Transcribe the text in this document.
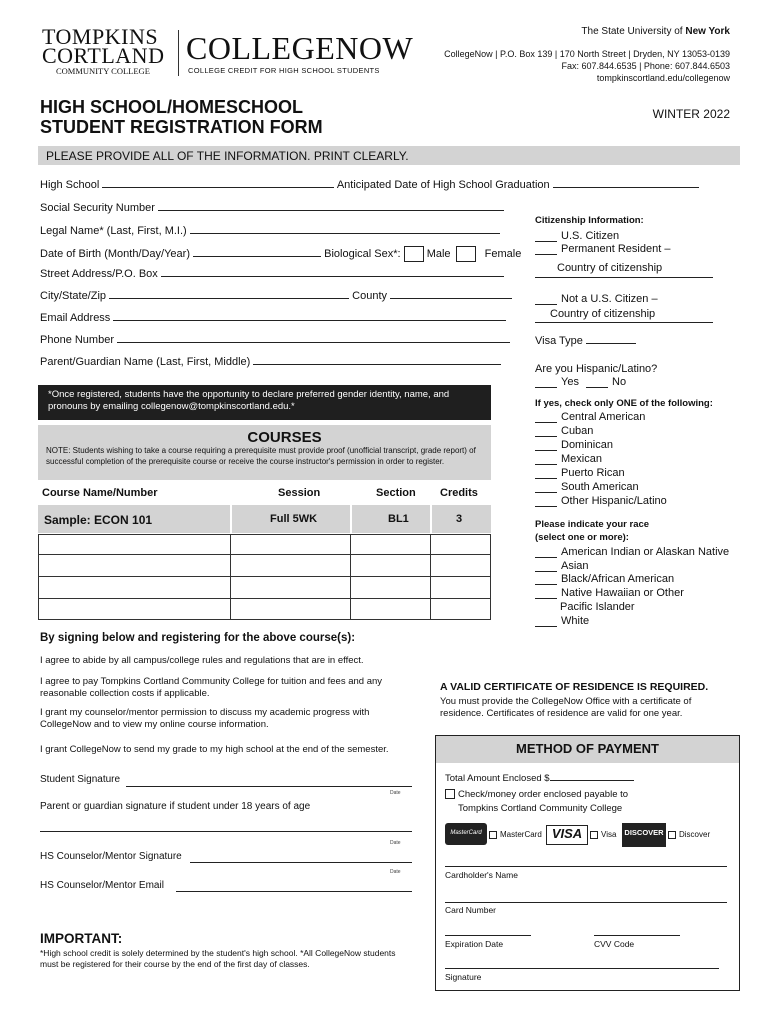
TOMPKINS
CORTLAND
COMMUNITY COLLEGE
COLLEGENOW
COLLEGE CREDIT FOR HIGH SCHOOL STUDENTS
The State University of New York
CollegeNow | P.O. Box 139 | 170 North Street | Dryden, NY 13053-0139
Fax: 607.844.6535 | Phone: 607.844.6503
tompkinscortland.edu/collegenow
HIGH SCHOOL/HOMESCHOOL
STUDENT REGISTRATION FORM
WINTER 2022
PLEASE PROVIDE ALL OF THE INFORMATION. PRINT CLEARLY.
High School	Anticipated Date of High School Graduation
Social Security Number
Legal Name* (Last, First, M.I.)
Date of Birth (Month/Day/Year)	Biological Sex*: Male	Female
Street Address/P.O. Box
City/State/Zip	County
Email Address
Phone Number
Parent/Guardian Name (Last, First, Middle)
*Once registered, students have the opportunity to declare preferred gender identity, name, and pronouns by emailing collegenow@tompkinscortland.edu.*
COURSES
NOTE: Students wishing to take a course requiring a prerequisite must provide proof (unofficial transcript, grade report) of successful completion of the prerequisite course or receive the course instructor's permission in order to register.
Course Name/Number	Session	Section Credits
Sample: ECON 101	Full 5WK	BL1	3
Citizenship Information:
U.S. Citizen
Permanent Resident –
Country of citizenship
Not a U.S. Citizen –
Country of citizenship
Visa Type
Are you Hispanic/Latino?
Yes	No
If yes, check only ONE of the following:
Central American
Cuban
Dominican
Mexican
Puerto Rican
South American
Other Hispanic/Latino
Please indicate your race
(select one or more):
American Indian or Alaskan Native
Asian
Black/African American
Native Hawaiian or Other
Pacific Islander
White
By signing below and registering for the above course(s):
I agree to abide by all campus/college rules and regulations that are in effect.
I agree to pay Tompkins Cortland Community College for tuition and fees and any reasonable collection costs if applicable.
I grant my counselor/mentor permission to discuss my academic progress with CollegeNow and to view my online course information.
I grant CollegeNow to send my grade to my high school at the end of the semester.
Student Signature
Date
Parent or guardian signature if student under 18 years of age
Date
HS Counselor/Mentor Signature
Date
HS Counselor/Mentor Email
IMPORTANT:
*High school credit is solely determined by the student's high school. *All CollegeNow students must be registered for their course by the end of the first day of classes.
A VALID CERTIFICATE OF RESIDENCE IS REQUIRED.
You must provide the CollegeNow Office with a certificate of residence. Certificates of residence are valid for one year.
METHOD OF PAYMENT
Total Amount Enclosed $
Check/money order enclosed payable to
Tompkins Cortland Community College
MasterCard	MasterCard VISA	Visa	DISCOVER	Discover
Cardholder's Name
Card Number
Expiration Date	CVV Code
Signature
